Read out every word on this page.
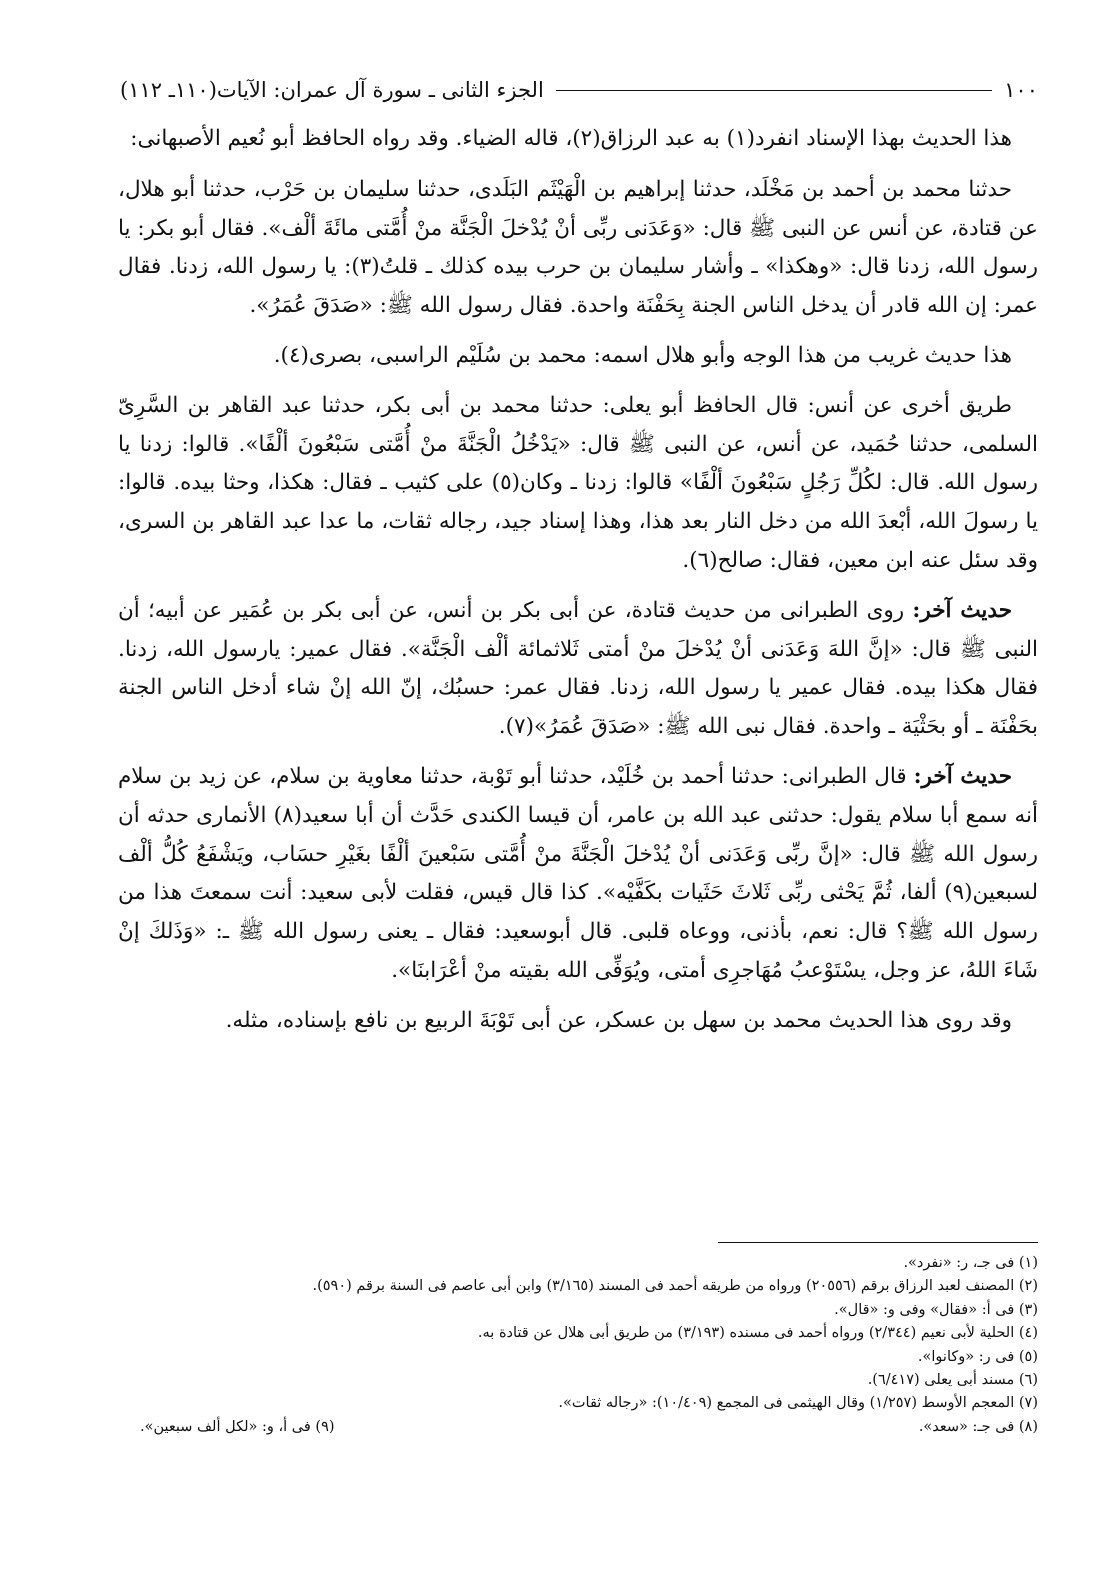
الجزء الثانى ـ سورة آل عمران: الآيات(١١٠ـ ١١٢)	١٠٠

هذا الحديث بهذا الإسناد انفرد(١) به عبد الرزاق(٢)، قاله الضياء. وقد رواه الحافظ أبو نُعيم الأصبهانى:

حدثنا محمد بن أحمد بن مَخْلَد، حدثنا إبراهيم بن الْهَيْثَم البَلَدى، حدثنا سليمان بن حَرْب، حدثنا أبو هلال، عن قتادة، عن أنس عن النبى ﷺ قال: «وَعَدَنى ربِّى أنْ يُدْخلَ الْجَنَّة منْ أُمَّتى مائَةَ ألْف». فقال أبو بكر: يا رسول الله، زدنا قال: «وهكذا» ـ وأشار سليمان بن حرب بيده كذلك ـ قلتُ(٣): يا رسول الله، زدنا. فقال عمر: إن الله قادر أن يدخل الناس الجنة بِحَفْنَة واحدة. فقال رسول الله ﷺ: «صَدَقَ عُمَرُ».

هذا حديث غريب من هذا الوجه وأبو هلال اسمه: محمد بن سُلَيْم الراسبى، بصرى(٤).

طريق أخرى عن أنس: قال الحافظ أبو يعلى: حدثنا محمد بن أبى بكر، حدثنا عبد القاهر بن السَّرِىّ السلمى، حدثنا حُمَيد، عن أنس، عن النبى ﷺ قال: «يَدْخُلُ الْجَنَّةَ منْ أُمَّتى سَبْعُونَ ألْفًا». قالوا: زدنا يا رسول الله. قال: لكُلِّ رَجُلٍ سَبْعُونَ ألْفًا» قالوا: زدنا ـ وكان(٥) على كثيب ـ فقال: هكذا، وحثا بيده. قالوا: يا رسولَ الله، أبْعدَ الله من دخل النار بعد هذا، وهذا إسناد جيد، رجاله ثقات، ما عدا عبد القاهر بن السرى، وقد سئل عنه ابن معين، فقال: صالح(٦).

حديث آخر: روى الطبرانى من حديث قتادة، عن أبى بكر بن أنس، عن أبى بكر بن عُمَير عن أبيه؛ أن النبى ﷺ قال: «إنَّ اللهَ وَعَدَنى أنْ يُدْخلَ منْ أمتى ثَلاثمائة ألْف الْجَنَّة». فقال عمير: يارسول الله، زدنا. فقال هكذا بيده. فقال عمير يا رسول الله، زدنا. فقال عمر: حسبُك، إنّ الله إنْ شاء أدخل الناس الجنة بحَفْنَة ـ أو بحَثْيَة ـ واحدة. فقال نبى الله ﷺ: «صَدَقَ عُمَرُ»(٧).

حديث آخر: قال الطبرانى: حدثنا أحمد بن خُلَيْد، حدثنا أبو تَوْبة، حدثنا معاوية بن سلام، عن زيد بن سلام أنه سمع أبا سلام يقول: حدثنى عبد الله بن عامر، أن قيسا الكندى حَدَّث أن أبا سعيد(٨) الأنمارى حدثه أن رسول الله ﷺ قال: «إنَّ ربِّى وَعَدَنى أنْ يُدْخلَ الْجَنَّةَ منْ أُمَّتى سَبْعينَ ألْفًا بغَيْرِ حسَاب، ويَشْفَعُ كُلُّ ألْف لسبعين(٩) ألفا، ثُمَّ يَحْثى ربِّى ثَلاثَ حَثَيات بكَفَّيْه». كذا قال قيس، فقلت لأبى سعيد: أنت سمعتَ هذا من رسول الله ﷺ؟ قال: نعم، بأذنى، ووعاه قلبى. قال أبوسعيد: فقال ـ يعنى رسول الله ﷺ ـ: «وَذَلكَ إنْ شَاءَ اللهُ، عز وجل، يسْتَوْعبُ مُهَاجرِى أمتى، ويُوَفِّى الله بقيته منْ أعْرَابنَا».

وقد روى هذا الحديث محمد بن سهل بن عسكر، عن أبى تَوْبَةَ الربيع بن نافع بإسناده، مثله.

(١) فى جـ، ر: «نفرد».

(٢) المصنف لعبد الرزاق برقم (٢٠٥٥٦) ورواه من طريقه أحمد فى المسند (٣/١٦٥) وابن أبى عاصم فى السنة برقم (٥٩٠).

(٣) فى أ: «فقال» وفى و: «قال».

(٤) الحلية لأبى نعيم (٢/٣٤٤) ورواه أحمد فى مسنده (٣/١٩٣) من طريق أبى هلال عن قتادة به.

(٥) فى ر: «وكانوا».

(٦) مسند أبى يعلى (٦/٤١٧).

(٧) المعجم الأوسط (١/٢٥٧) وقال الهيثمى فى المجمع (١٠/٤٠٩): «رجاله ثقات».

(٨) فى جـ: «سعد».

(٩) فى أ، و: «لكل ألف سبعين».
